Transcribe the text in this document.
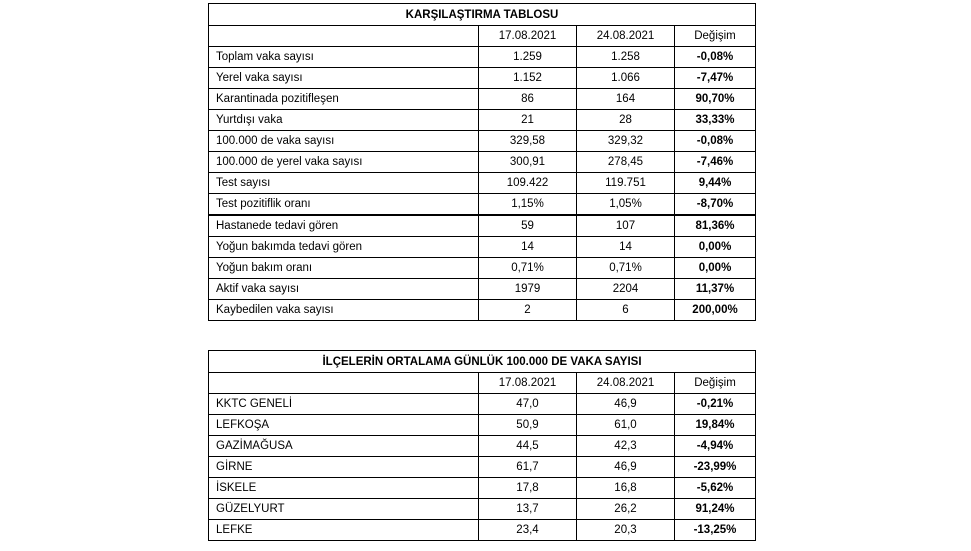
KARŞILAŞTIRMA TABLOSU			
	17.08.2021	24.08.2021	Değişim
Toplam vaka sayısı	1.259	1.258	-0,08%
Yerel vaka sayısı	1.152	1.066	-7,47%
Karantinada pozitifleşen	86	164	90,70%
Yurtdışı vaka	21	28	33,33%
100.000 de vaka sayısı	329,58	329,32	-0,08%
100.000 de yerel vaka sayısı	300,91	278,45	-7,46%
Test sayısı	109.422	119.751	9,44%
Test pozitiflik oranı	1,15%	1,05%	-8,70%
Hastanede tedavi gören	59	107	81,36%
Yoğun bakımda tedavi gören	14	14	0,00%
Yoğun bakım oranı	0,71%	0,71%	0,00%
Aktif vaka sayısı	1979	2204	11,37%
Kaybedilen vaka sayısı	2	6	200,00%
İLÇELERİN ORTALAMA GÜNLÜK 100.000 DE VAKA SAYISI			
	17.08.2021	24.08.2021	Değişim
KKTC GENELİ	47,0	46,9	-0,21%
LEFKOŞA	50,9	61,0	19,84%
GAZİMAĞUSA	44,5	42,3	-4,94%
GİRNE	61,7	46,9	-23,99%
İSKELE	17,8	16,8	-5,62%
GÜZELYURT	13,7	26,2	91,24%
LEFKE	23,4	20,3	-13,25%
